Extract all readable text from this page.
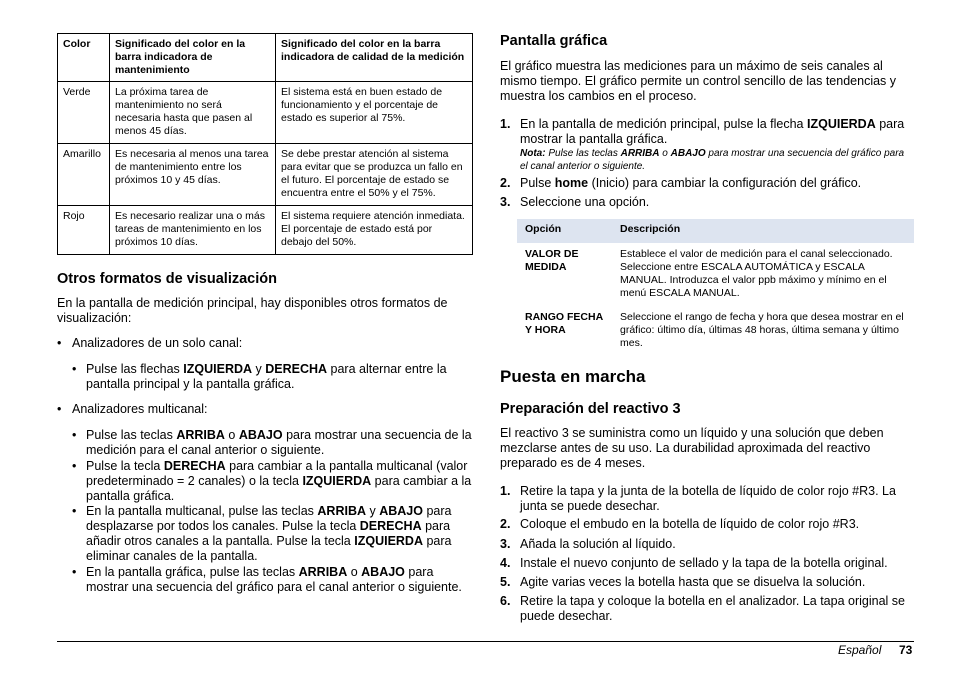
Color	Significado del color en la barra indicadora de mantenimiento	Significado del color en la barra indicadora de calidad de la medición
Verde	La próxima tarea de mantenimiento no será necesaria hasta que pasen al menos 45 días.	El sistema está en buen estado de funcionamiento y el porcentaje de estado es superior al 75%.
Amarillo	Es necesaria al menos una tarea de mantenimiento entre los próximos 10 y 45 días.	Se debe prestar atención al sistema para evitar que se produzca un fallo en el futuro. El porcentaje de estado se encuentra entre el 50% y el 75%.
Rojo	Es necesario realizar una o más tareas de mantenimiento en los próximos 10 días.	El sistema requiere atención inmediata. El porcentaje de estado está por debajo del 50%.
Otros formatos de visualización
En la pantalla de medición principal, hay disponibles otros formatos de visualización:
• Analizadores de un solo canal:
• Pulse las flechas IZQUIERDA y DERECHA para alternar entre la pantalla principal y la pantalla gráfica.
• Analizadores multicanal:
• Pulse las teclas ARRIBA o ABAJO para mostrar una secuencia de la medición para el canal anterior o siguiente.
• Pulse la tecla DERECHA para cambiar a la pantalla multicanal (valor predeterminado = 2 canales) o la tecla IZQUIERDA para cambiar a la pantalla gráfica.
• En la pantalla multicanal, pulse las teclas ARRIBA y ABAJO para desplazarse por todos los canales. Pulse la tecla DERECHA para añadir otros canales a la pantalla. Pulse la tecla IZQUIERDA para eliminar canales de la pantalla.
• En la pantalla gráfica, pulse las teclas ARRIBA o ABAJO para mostrar una secuencia del gráfico para el canal anterior o siguiente.
Pantalla gráfica
El gráfico muestra las mediciones para un máximo de seis canales al mismo tiempo. El gráfico permite un control sencillo de las tendencias y muestra los cambios en el proceso.
1. En la pantalla de medición principal, pulse la flecha IZQUIERDA para mostrar la pantalla gráfica.
Nota: Pulse las teclas ARRIBA o ABAJO para mostrar una secuencia del gráfico para el canal anterior o siguiente.
2. Pulse home (Inicio) para cambiar la configuración del gráfico.
3. Seleccione una opción.
Opción	Descripción
VALOR DE MEDIDA	Establece el valor de medición para el canal seleccionado. Seleccione entre ESCALA AUTOMÁTICA y ESCALA MANUAL. Introduzca el valor ppb máximo y mínimo en el menú ESCALA MANUAL.
RANGO FECHA Y HORA	Seleccione el rango de fecha y hora que desea mostrar en el gráfico: último día, últimas 48 horas, última semana y último mes.
Puesta en marcha
Preparación del reactivo 3
El reactivo 3 se suministra como un líquido y una solución que deben mezclarse antes de su uso. La durabilidad aproximada del reactivo preparado es de 4 meses.
1. Retire la tapa y la junta de la botella de líquido de color rojo #R3. La junta se puede desechar.
2. Coloque el embudo en la botella de líquido de color rojo #R3.
3. Añada la solución al líquido.
4. Instale el nuevo conjunto de sellado y la tapa de la botella original.
5. Agite varias veces la botella hasta que se disuelva la solución.
6. Retire la tapa y coloque la botella en el analizador. La tapa original se puede desechar.
Español 73
